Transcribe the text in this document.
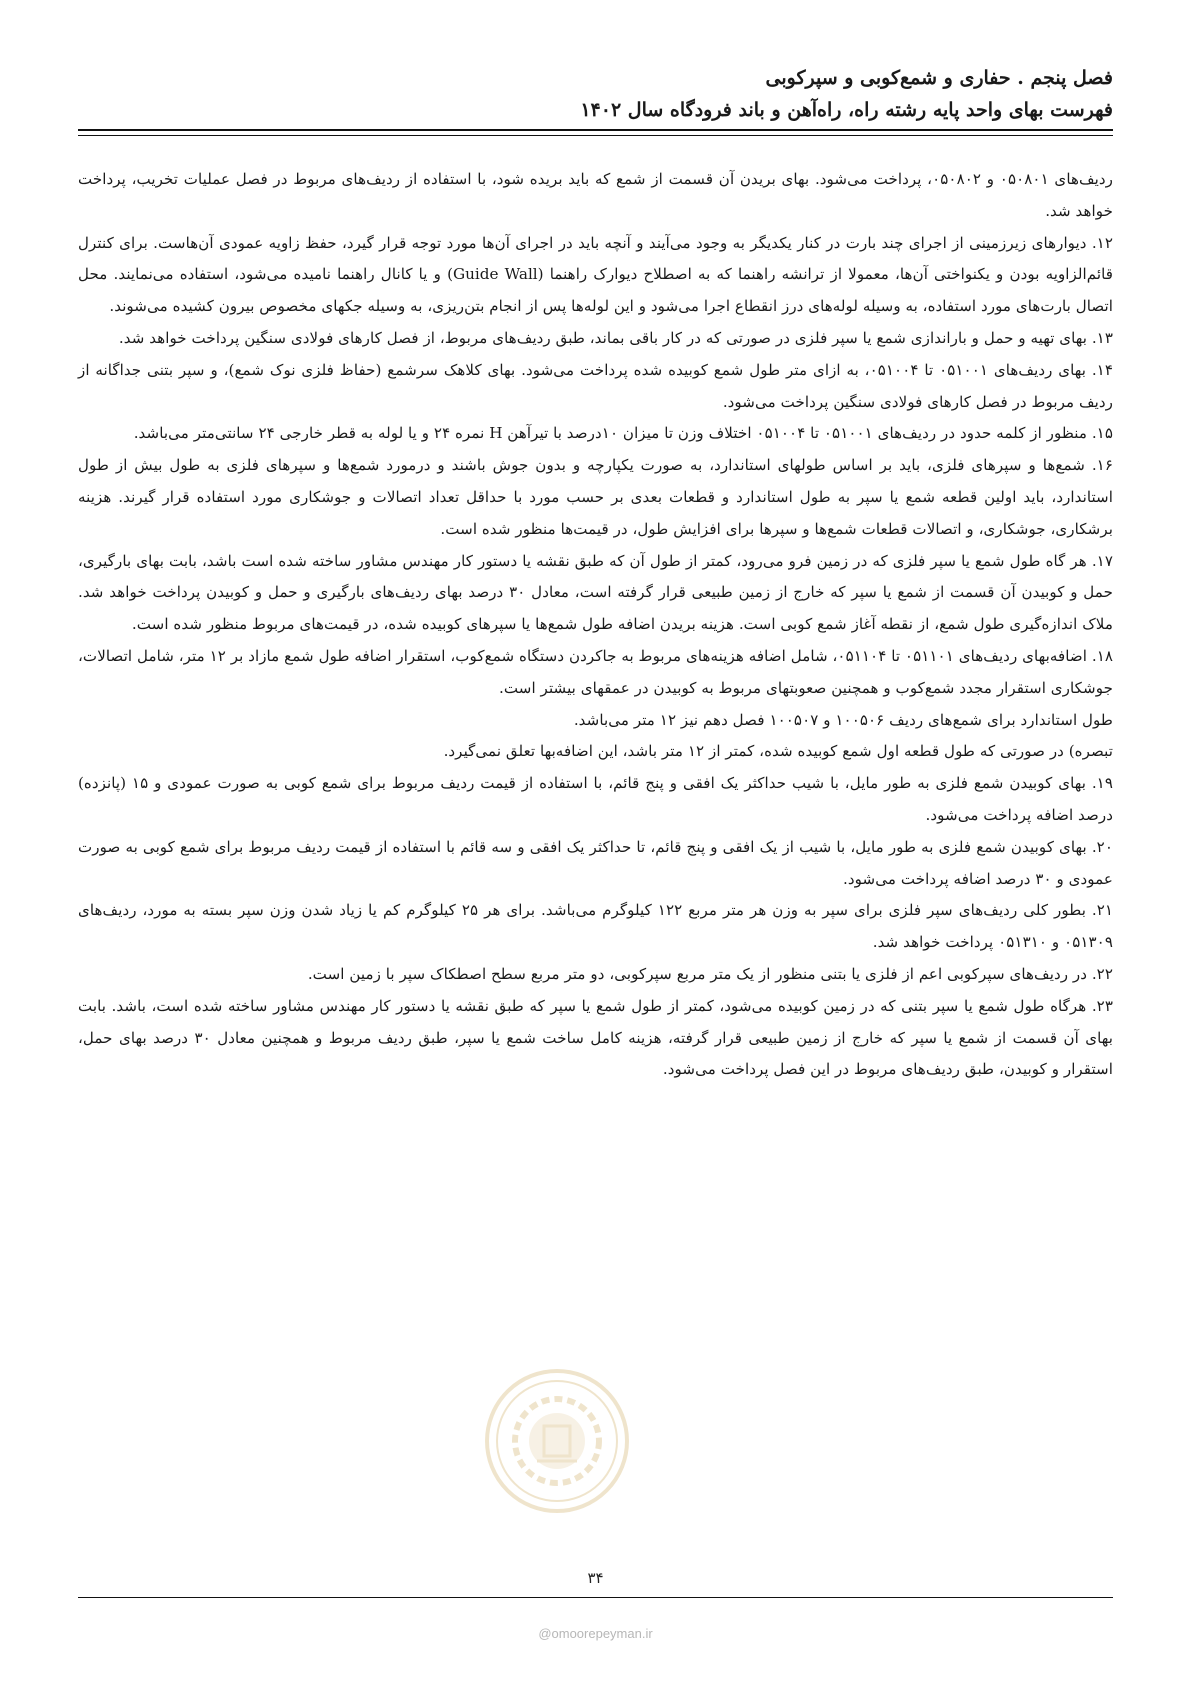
فصل پنجم . حفاری و شمع‌کوبی و سپرکوبی
فهرست بهای واحد پایه رشته راه، راه‌آهن و باند فرودگاه سال ۱۴۰۲

ردیف‌های ۰۵۰۸۰۱ و ۰۵۰۸۰۲، پرداخت می‌شود. بهای بریدن آن قسمت از شمع که باید بریده شود، با استفاده از ردیف‌های مربوط در فصل عملیات تخریب، پرداخت خواهد شد.

۱۲. دیوارهای زیرزمینی از اجرای چند بارت در کنار یکدیگر به وجود می‌آیند و آنچه باید در اجرای آن‌ها مورد توجه قرار گیرد، حفظ زاویه عمودی آن‌هاست. برای کنترل قائم‌الزاویه بودن و یکنواختی آن‌ها، معمولا از ترانشه راهنما که به اصطلاح دیوارک راهنما (Guide Wall) و یا کانال راهنما نامیده می‌شود، استفاده می‌نمایند. محل اتصال بارت‌های مورد استفاده، به وسیله لوله‌های درز انقطاع اجرا می‌شود و این لوله‌ها پس از انجام بتن‌ریزی، به وسیله جکهای مخصوص بیرون کشیده می‌شوند.

۱۳. بهای تهیه و حمل و باراندازی شمع یا سپر فلزی در صورتی که در کار باقی بماند، طبق ردیف‌های مربوط، از فصل کارهای فولادی سنگین پرداخت خواهد شد.

۱۴. بهای ردیف‌های ۰۵۱۰۰۱ تا ۰۵۱۰۰۴، به ازای متر طول شمع کوبیده شده پرداخت می‌شود. بهای کلاهک سرشمع (حفاظ فلزی نوک شمع)، و سپر بتنی جداگانه از ردیف مربوط در فصل کارهای فولادی سنگین پرداخت می‌شود.

۱۵. منظور از کلمه حدود در ردیف‌های ۰۵۱۰۰۱ تا ۰۵۱۰۰۴ اختلاف وزن تا میزان ۱۰درصد با تیرآهن H نمره ۲۴ و یا لوله به قطر خارجی ۲۴ سانتی‌متر می‌باشد.

۱۶. شمع‌ها و سپرهای فلزی، باید بر اساس طولهای استاندارد، به صورت یکپارچه و بدون جوش باشند و درمورد شمع‌ها و سپرهای فلزی به طول بیش از طول استاندارد، باید اولین قطعه شمع یا سپر به طول استاندارد و قطعات بعدی بر حسب مورد با حداقل تعداد اتصالات و جوشکاری مورد استفاده قرار گیرند. هزینه برشکاری، جوشکاری، و اتصالات قطعات شمع‌ها و سپرها برای افزایش طول، در قیمت‌ها منظور شده است.

۱۷. هر گاه طول شمع یا سپر فلزی که در زمین فرو می‌رود، کمتر از طول آن که طبق نقشه یا دستور کار مهندس مشاور ساخته شده است باشد، بابت بهای بارگیری، حمل و کوبیدن آن قسمت از شمع یا سپر که خارج از زمین طبیعی قرار گرفته است، معادل ۳۰ درصد بهای ردیف‌های بارگیری و حمل و کوبیدن پرداخت خواهد شد. ملاک اندازه‌گیری طول شمع، از نقطه آغاز شمع کوبی است. هزینه بریدن اضافه طول شمع‌ها یا سپرهای کوبیده شده، در قیمت‌های مربوط منظور شده است.

۱۸. اضافه‌بهای ردیف‌های ۰۵۱۱۰۱ تا ۰۵۱۱۰۴، شامل اضافه هزینه‌های مربوط به جاکردن دستگاه شمع‌کوب، استقرار اضافه طول شمع مازاد بر ۱۲ متر، شامل اتصالات، جوشکاری استقرار مجدد شمع‌کوب و همچنین صعوبتهای مربوط به کوبیدن در عمقهای بیشتر است.

طول استاندارد برای شمع‌های ردیف ۱۰۰۵۰۶ و ۱۰۰۵۰۷ فصل دهم نیز ۱۲ متر می‌باشد.

تبصره) در صورتی که طول قطعه اول شمع کوبیده شده، کمتر از ۱۲ متر باشد، این اضافه‌بها تعلق نمی‌گیرد.

۱۹. بهای کوبیدن شمع فلزی به طور مایل، با شیب حداکثر یک افقی و پنج قائم، با استفاده از قیمت ردیف مربوط برای شمع کوبی به صورت عمودی و ۱۵ (پانزده) درصد اضافه پرداخت می‌شود.

۲۰. بهای کوبیدن شمع فلزی به طور مایل، با شیب از یک افقی و پنج قائم، تا حداکثر یک افقی و سه قائم با استفاده از قیمت ردیف مربوط برای شمع کوبی به صورت عمودی و ۳۰ درصد اضافه پرداخت می‌شود.

۲۱. بطور کلی ردیف‌های سپر فلزی برای سپر به وزن هر متر مربع ۱۲۲ کیلوگرم می‌باشد. برای هر ۲۵ کیلوگرم کم یا زیاد شدن وزن سپر بسته به مورد، ردیف‌های ۰۵۱۳۰۹ و ۰۵۱۳۱۰ پرداخت خواهد شد.

۲۲. در ردیف‌های سپرکوبی اعم از فلزی یا بتنی منظور از یک متر مربع سپرکوبی، دو متر مربع سطح اصطکاک سپر با زمین است.

۲۳. هرگاه طول شمع یا سپر بتنی که در زمین کوبیده می‌شود، کمتر از طول شمع یا سپر که طبق نقشه یا دستور کار مهندس مشاور ساخته شده است، باشد. بابت بهای آن قسمت از شمع یا سپر که خارج از زمین طبیعی قرار گرفته، هزینه کامل ساخت شمع یا سپر، طبق ردیف مربوط و همچنین معادل ۳۰ درصد بهای حمل، استقرار و کوبیدن، طبق ردیف‌های مربوط در این فصل پرداخت می‌شود.

۳۴
@omoorepeyman.ir
